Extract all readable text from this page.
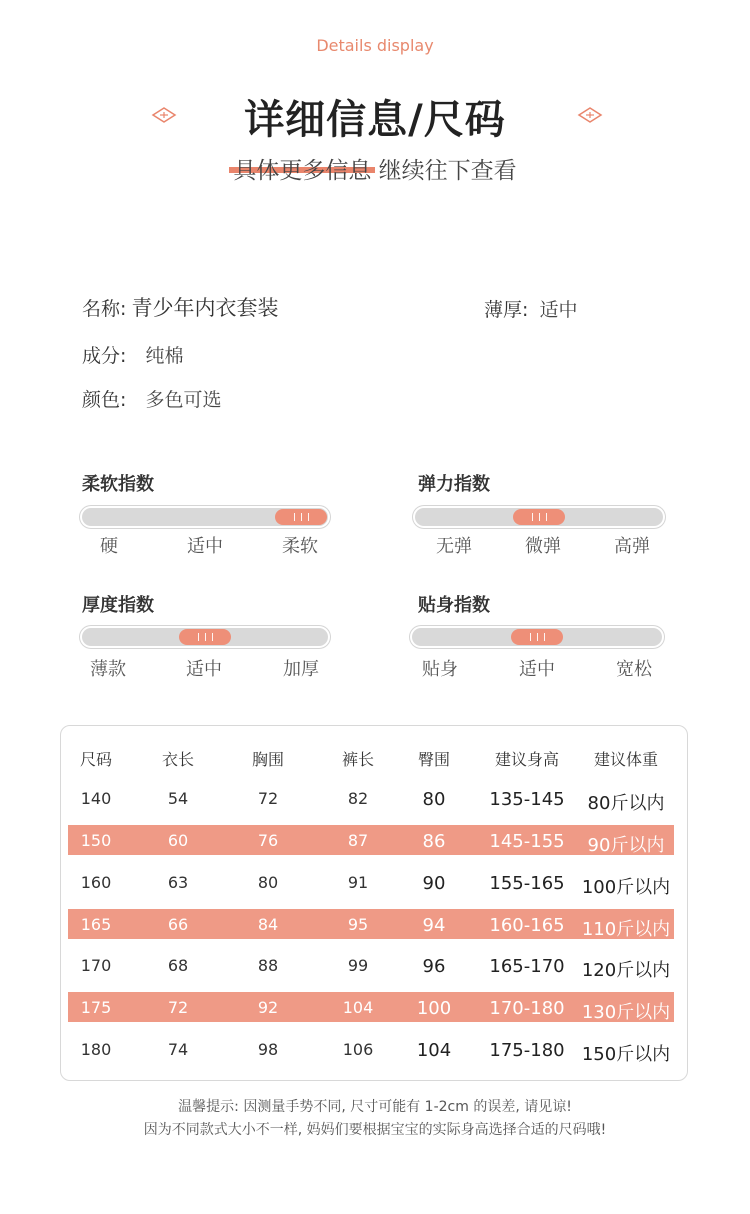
Details display
详细信息/尺码
具体更多信息 继续往下查看
名称: 青少年内衣套装	薄厚: 适中
成分: 纯棉
颜色: 多色可选
柔软指数
硬	适中	柔软
弹力指数
无弹	微弹	高弹
厚度指数
薄款	适中	加厚
贴身指数
贴身	适中	宽松
尺码	衣长	胸围	裤长	臀围	建议身高	建议体重
140	54	72	82	80	135-145	80斤以内
150	60	76	87	86	145-155	90斤以内
160	63	80	91	90	155-165 100斤以内
165	66	84	95	94	160-165 110斤以内
170	68	88	99	96	165-170 120斤以内
175	72	92	104	100	170-180 130斤以内
180	74	98	106	104	175-180 150斤以内
温馨提示: 因测量手势不同, 尺寸可能有 1-2cm 的误差, 请见谅!
因为不同款式大小不一样, 妈妈们要根据宝宝的实际身高选择合适的尺码哦!
